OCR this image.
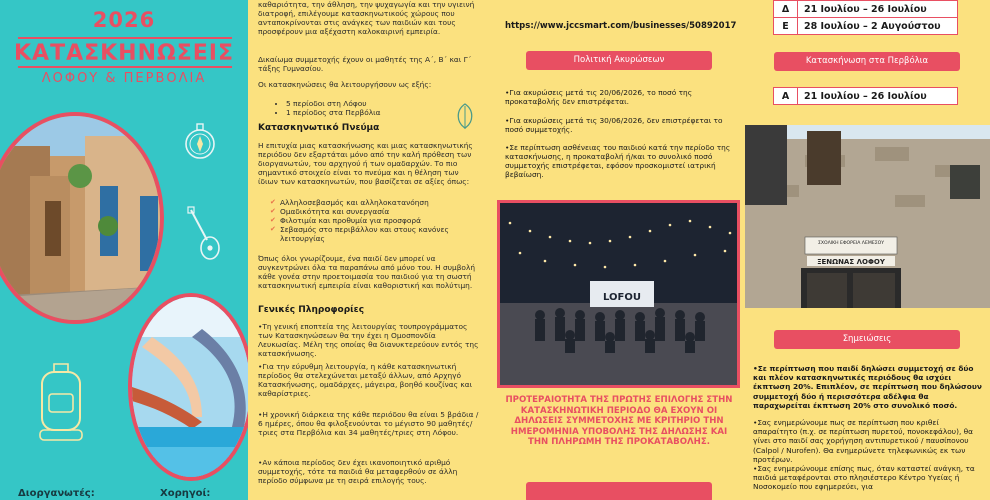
2026
ΚΑΤΑΣΚΗΝΩΣΕΙΣ
ΛΟΦΟΥ & ΠΕΡΒΟΛΙΑ
Διοργανωτές:	Χορηγοί:
καθαριότητα, την άθληση, την ψυχαγωγία και την υγιεινή διατροφή, επιλέγουμε κατασκηνωτικούς χώρους που ανταποκρίνονται στις ανάγκες των παιδιών και τους προσφέρουν μια αξέχαστη καλοκαιρινή εμπειρία.
Δικαίωμα συμμετοχής έχουν οι μαθητές της Α΄, Β΄ και Γ΄ τάξης Γυμνασίου.
Οι κατασκηνώσεις θα λειτουργήσουν ως εξής:
• 5 περίοδοι στη Λόφου
• 1 περίοδος στα Περβόλια
Κατασκηνωτικό Πνεύμα
Η επιτυχία μιας κατασκήνωσης και μιας κατασκηνωτικής περιόδου δεν εξαρτάται μόνο από την καλή πρόθεση των διοργανωτών, του αρχηγού ή των ομαδαρχών. Το πιο σημαντικό στοιχείο είναι το πνεύμα και η θέληση των ίδιων των κατασκηνωτών, που βασίζεται σε αξίες όπως:
✔ Αλληλοσεβασμός και αλληλοκατανόηση
✔ Ομαδικότητα και συνεργασία
✔ Φιλοτιμία και προθυμία για προσφορά
✔ Σεβασμός στο περιβάλλον και στους κανόνες λειτουργίας
Όπως όλοι γνωρίζουμε, ένα παιδί δεν μπορεί να συγκεντρώνει όλα τα παραπάνω από μόνο του. Η συμβολή κάθε γονέα στην προετοιμασία του παιδιού για τη σωστή κατασκηνωτική εμπειρία είναι καθοριστική και πολύτιμη.
Γενικές Πληροφορίες
•Τη γενική εποπτεία της λειτουργίας τουπρογράμματος των Κατασκηνώσεων θα την έχει η Ομοσπονδία Λευκωσίας. Μέλη της οποίας θα διανυκτερεύουν εντός της κατασκήνωσης.
•Για την εύρυθμη λειτουργία, η κάθε κατασκηνωτική περίοδος θα στελεχώνεται μεταξύ άλλων, από Αρχηγό Κατασκήνωσης, ομαδάρχες, μάγειρα, βοηθό κουζίνας και καθαρίστριες.
•Η χρονική διάρκεια της κάθε περιόδου θα είναι 5 βράδια / 6 ημέρες, όπου θα φιλοξενούνται το μέγιστο 90 μαθητές/τριες στα Περβόλια και 34 μαθητές/τριες στη Λόφου.
•Αν κάποια περίοδος δεν έχει ικανοποιητικό αριθμό συμμετοχής, τότε τα παιδιά θα μεταφερθούν σε άλλη περίοδο σύμφωνα με τη σειρά επιλογής τους.
https://www.jccsmart.com/businesses/50892017
Πολιτική Ακυρώσεων
•Για ακυρώσεις μετά τις 20/06/2026, το ποσό της προκαταβολής δεν επιστρέφεται.
•Για ακυρώσεις μετά τις 30/06/2026, δεν επιστρέφεται το ποσό συμμετοχής.
•Σε περίπτωση ασθένειας του παιδιού κατά την περίοδο της κατασκήνωσης, η προκαταβολή ή/και το συνολικό ποσό συμμετοχής επιστρέφεται, εφόσον προσκομιστεί ιατρική βεβαίωση.
LOFOU
ΠΡΟΤΕΡΑΙΟΤΗΤΑ ΤΗΣ ΠΡΩΤΗΣ ΕΠΙΛΟΓΗΣ ΣΤΗΝ ΚΑΤΑΣΚΗΝΩΤΙΚΗ ΠΕΡΙΟΔΟ ΘΑ ΕΧΟΥΝ ΟΙ ΔΗΛΩΣΕΙΣ ΣΥΜΜΕΤΟΧΗΣ ΜΕ ΚΡΙΤΗΡΙΟ ΤΗΝ ΗΜΕΡΟΜΗΝΙΑ ΥΠΟΒΟΛΗΣ ΤΗΣ ΔΗΛΩΣΗΣ ΚΑΙ ΤΗΝ ΠΛΗΡΩΜΗ ΤΗΣ ΠΡΟΚΑΤΑΒΟΛΗΣ.
Δ	21 Ιουλίου – 26 Ιουλίου
Ε	28 Ιουλίου – 2 Αυγούστου
Κατασκήνωση στα Περβόλια
Α	21 Ιουλίου – 26 Ιουλίου
ΣΧΟΛΙΚΗ ΕΦΟΡΕΙΑ ΛΕΜΕΣΟΥ
ΞΕΝΩΝΑΣ ΛΟΦΟΥ
Σημειώσεις
•Σε περίπτωση που παιδί δηλώσει συμμετοχή σε δύο και πλέον κατασκηνωτικές περιόδους θα ισχύει έκπτωση 20%. Επιπλέον, σε περίπτωση που δηλώσουν συμμετοχή δύο ή περισσότερα αδέλφια θα παραχωρείται έκπτωση 20% στο συνολικό ποσό.
•Σας ενημερώνουμε πως σε περίπτωση που κριθεί απαραίτητο (π.χ. σε περίπτωση πυρετού, πονοκεφάλου), θα γίνει στο παιδί σας χορήγηση αντιπυρετικού / παυσίπονου (Calpol / Nurofen). Θα ενημερώνετε τηλεφωνικώς εκ των προτέρων.
•Σας ενημερώνουμε επίσης πως, όταν καταστεί ανάγκη, τα παιδιά μεταφέρονται στο πλησιέστερο Κέντρο Υγείας ή Νοσοκομείο που εφημερεύει, για
